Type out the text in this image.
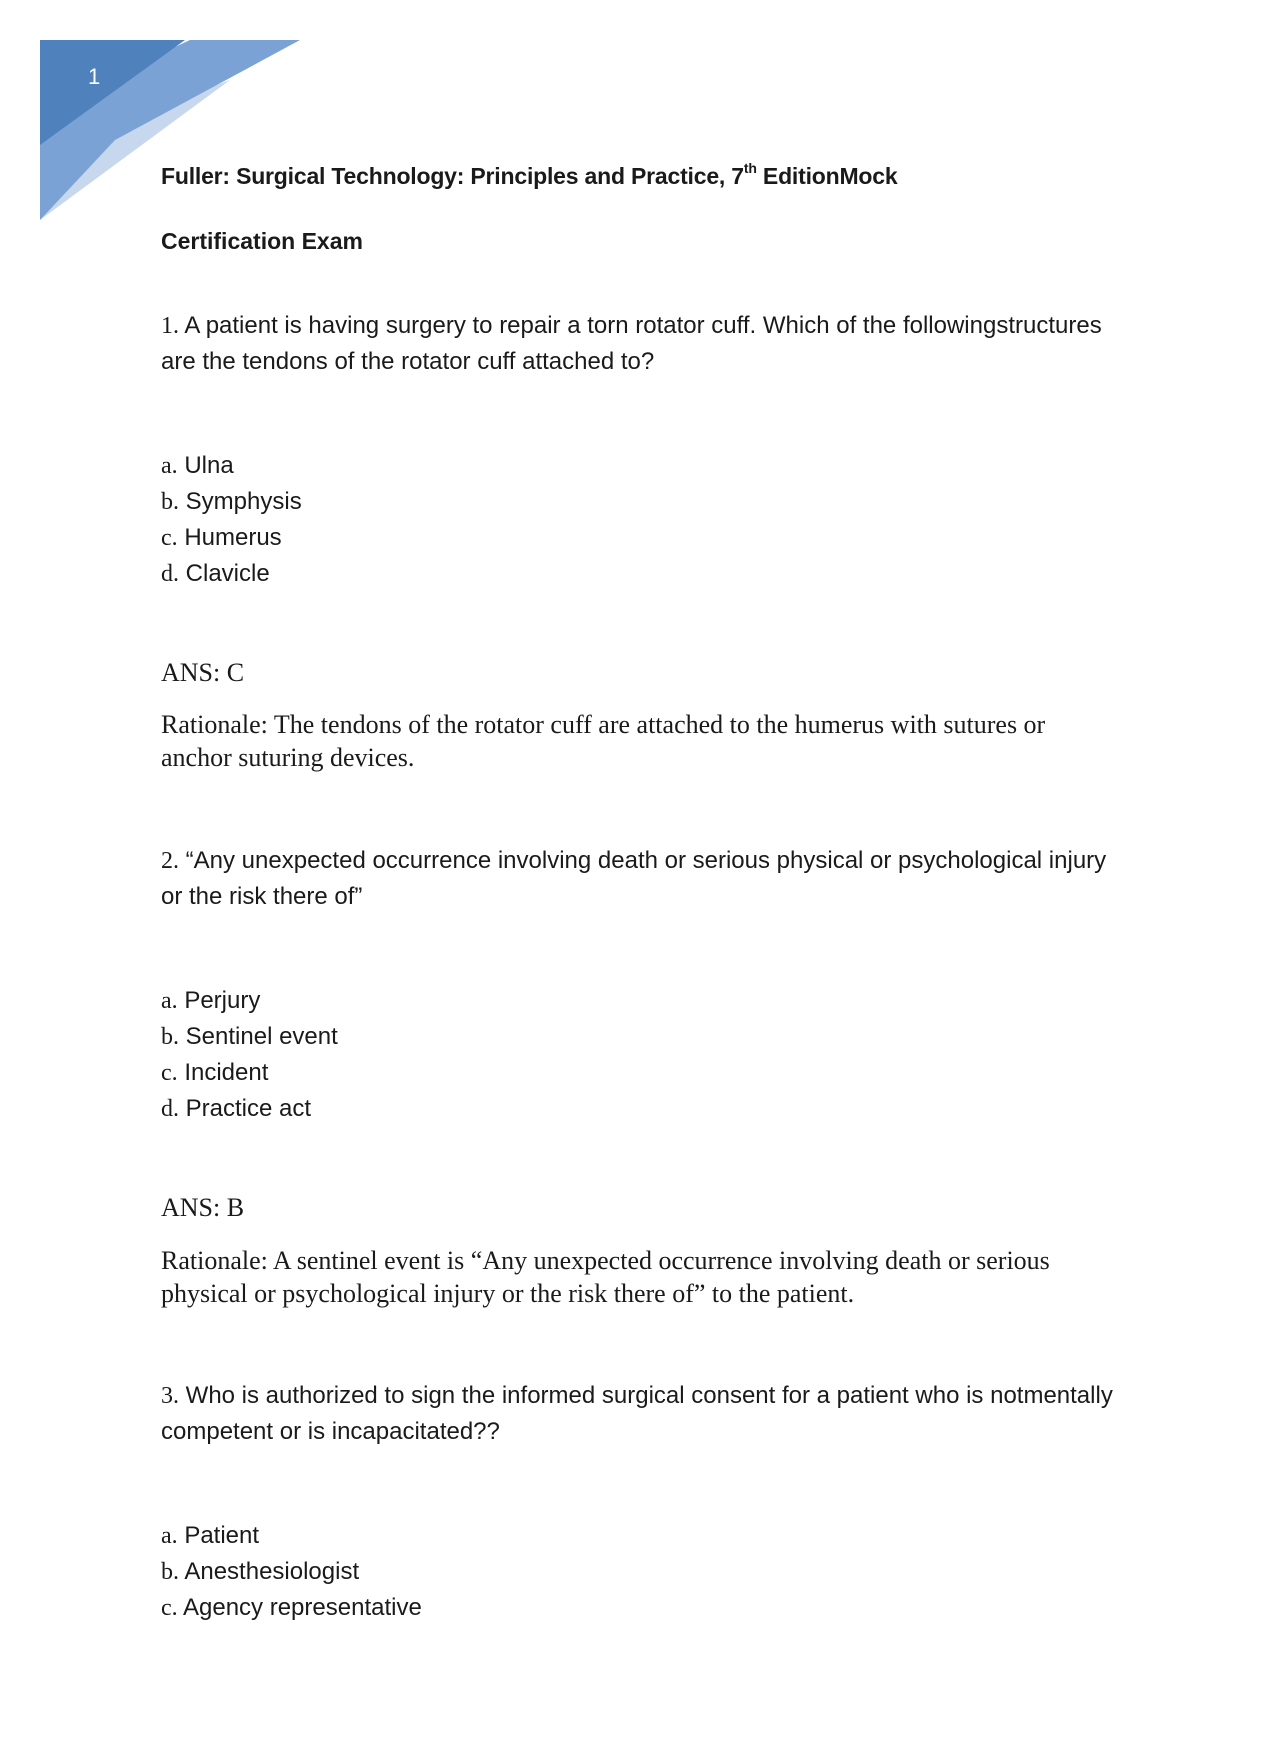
1
Fuller: Surgical Technology: Principles and Practice, 7th EditionMock
Certification Exam
1. A patient is having surgery to repair a torn rotator cuff. Which of the followingstructures are the tendons of the rotator cuff attached to?
a. Ulna
b. Symphysis
c. Humerus
d. Clavicle
ANS: C
Rationale: The tendons of the rotator cuff are attached to the humerus with sutures or anchor suturing devices.
2. “Any unexpected occurrence involving death or serious physical or psychological injury or the risk there of”
a. Perjury
b. Sentinel event
c. Incident
d. Practice act
ANS: B
Rationale: A sentinel event is “Any unexpected occurrence involving death or serious physical or psychological injury or the risk there of” to the patient.
3. Who is authorized to sign the informed surgical consent for a patient who is notmentally competent or is incapacitated??
a. Patient
b. Anesthesiologist
c. Agency representative
